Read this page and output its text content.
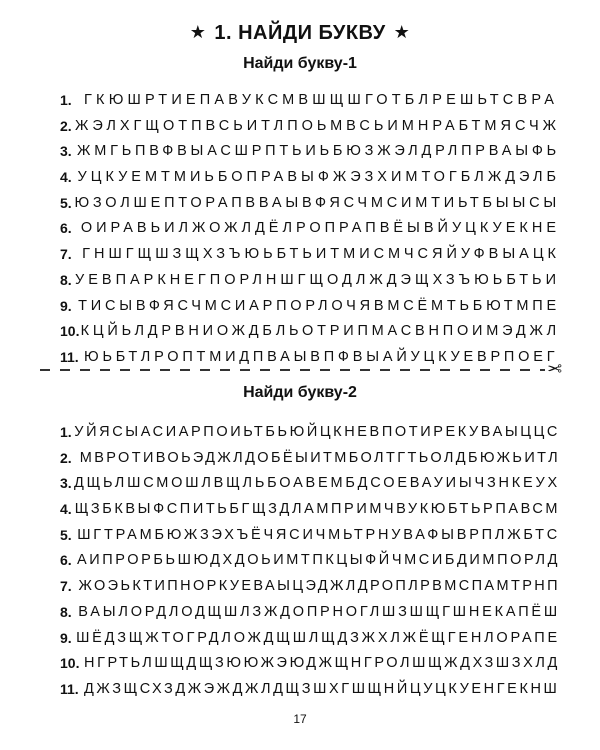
★ 1. НАЙДИ БУКВУ ★
Найди букву-1
1. ГКЮШРТИЕПАВУКСМВШЩШГОТБЛРЕШЬТСВРА
2. ЖЭЛХГЩОТПВСЬИТЛПОЬМВСЬИМНРАБТМЯСЧЖ
3. ЖМГЬПВФВЫАСШРПТЬИЬБЮЗЖЭЛДРЛПРВАЫФЬ
4. УЦКУЕМТМИЬБОПРАВЫФЖЭЗХИМТОГБЛЖДЭЛБ
5. ЮЗОЛШЕПТОРАПВВАЫВФЯСЧМСИМТИЬТБЫЫСЫ
6. ОИРАВЬИЛЖОЖЛДЁЛРОПРАПВЁЫВЙУЦКУЕКНЕ
7. ГНШГЩШЗЩХЗЪЮЬБТЬИТМИСМЧСЯЙУФВЫАЦК
8. УЕВПАРКНЕГПОРЛНШГЩОДЛЖДЭЩХЗЪЮЬБТЬИ
9. ТИСЫВФЯСЧМСИАРПОРЛОЧЯВМСЁМТЬБЮТМПЕ
10. КЦЙЬЛДРВНИОЖДБЛЬОТРИПМАСВНПОИМЭДЖЛ
11. ЮЬБТЛРОПТМИДПВАЫВПФВЫАЙУЦКУЕВРПОЕГ
✂
Найди букву-2
1. УЙЯСЫАСИАРПОИЬТБЬЮЙЦКНЕВПОТИРЕКУВАЫЦЦС
2. МВРОТИВОЬЭДЖЛДОБЁЫИТМБОЛТГТЬОЛДБЮЖЬИТЛ
3. ДЩЬЛШСМОШЛВЩЛЬБОАВЕМБДСОЕВАУИЫЧЗНКЕУХ
4. ЩЗБКВЫФСПИТЬБГЩЗДЛАМПРИМЧВУКЮБТЬРПАВСМ
5. ШГТРАМБЮЖЗЭХЪЁЧЯСИЧМЬТРНУВАФЫВРПЛЖБТС
6. АИПРОРБЬШЮДХДОЬИМТПКЦЫФЙЧМСИБДИМПОРЛД
7. ЖОЭЬКТИПНОРКУЕВАЫЦЭДЖЛДРОПЛРВМСПАМТРНП
8. ВАЫЛОРДЛОДЩШЛЗЖДОПРНОГЛШЗШЩГШНЕКАПЁШ
9. ШЁДЗЩЖТОГРДЛОЖДЩШЛЩДЗЖХЛЖЁЩГЕНЛОРАПЕ
10. НГРТЬЛШЩДЩЗЮЮЖЭЮДЖЩНГРОЛШЩЖДХЗШЗХЛД
11. ДЖЗЩСХЗДЖЭЖДЖЛДЩЗШХГШЩНЙЦУЦКУЕНГЕКНШ
17
